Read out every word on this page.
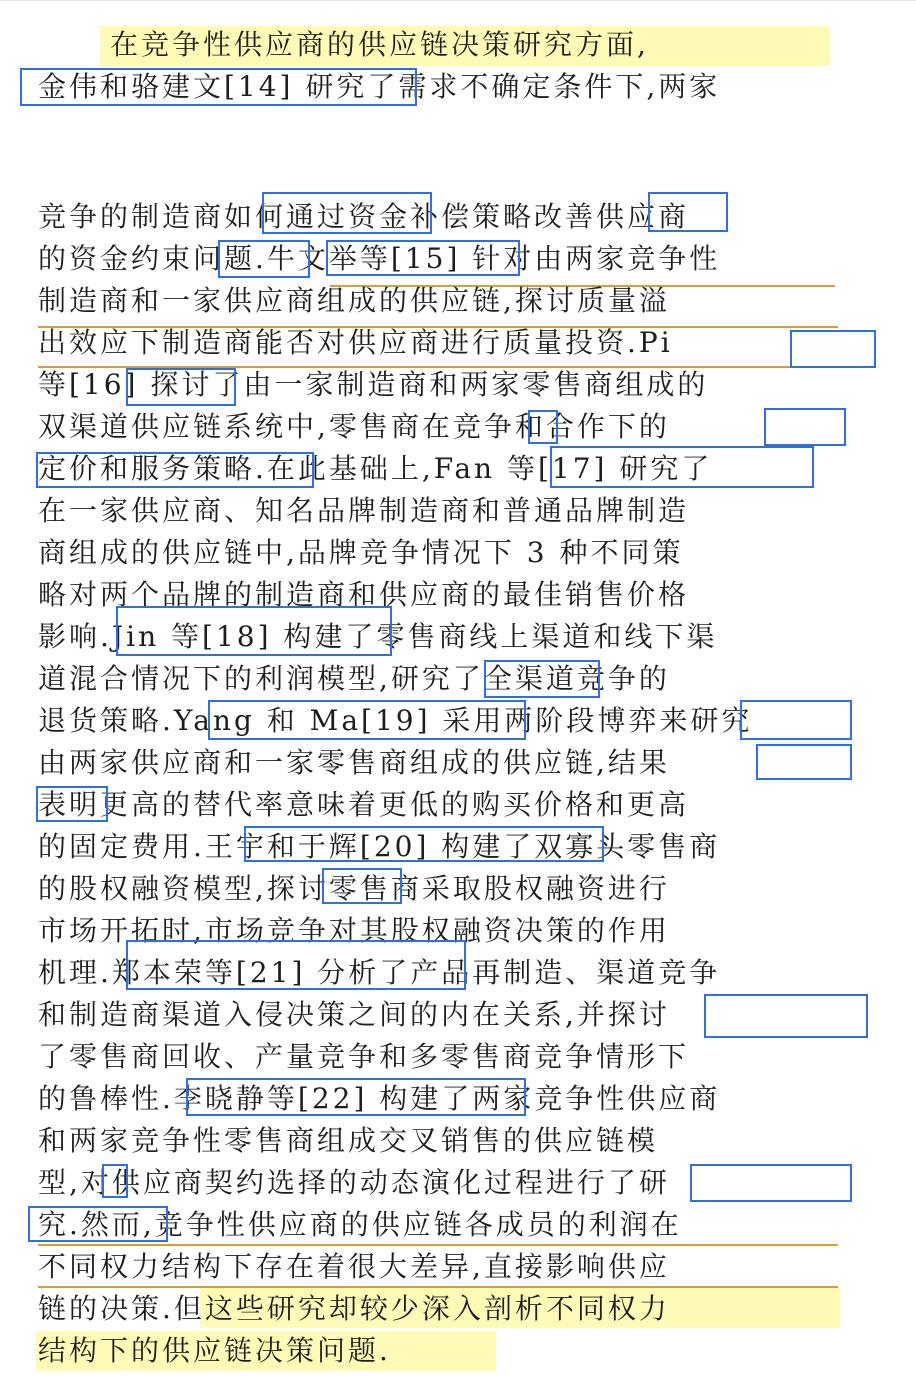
在竞争性供应商的供应链决策研究方面,
金伟和骆建文[14] 研究了需求不确定条件下,两家
竞争的制造商如何通过资金补偿策略改善供应商
的资金约束问题.牛文举等[15] 针对由两家竞争性
制造商和一家供应商组成的供应链,探讨质量溢
出效应下制造商能否对供应商进行质量投资.Pi
等[16] 探讨了由一家制造商和两家零售商组成的
双渠道供应链系统中,零售商在竞争和合作下的
定价和服务策略.在此基础上,Fan 等[17] 研究了
在一家供应商、知名品牌制造商和普通品牌制造
商组成的供应链中,品牌竞争情况下 3 种不同策
略对两个品牌的制造商和供应商的最佳销售价格
影响.Jin 等[18] 构建了零售商线上渠道和线下渠
道混合情况下的利润模型,研究了全渠道竞争的
退货策略.Yang 和 Ma[19] 采用两阶段博弈来研究
由两家供应商和一家零售商组成的供应链,结果
表明更高的替代率意味着更低的购买价格和更高
的固定费用.王宇和于辉[20] 构建了双寡头零售商
的股权融资模型,探讨零售商采取股权融资进行
市场开拓时,市场竞争对其股权融资决策的作用
机理.郑本荣等[21] 分析了产品再制造、渠道竞争
和制造商渠道入侵决策之间的内在关系,并探讨
了零售商回收、产量竞争和多零售商竞争情形下
的鲁棒性.李晓静等[22] 构建了两家竞争性供应商
和两家竞争性零售商组成交叉销售的供应链模
型,对供应商契约选择的动态演化过程进行了研
究.然而,竞争性供应商的供应链各成员的利润在
不同权力结构下存在着很大差异,直接影响供应
链的决策.但这些研究却较少深入剖析不同权力
结构下的供应链决策问题.
